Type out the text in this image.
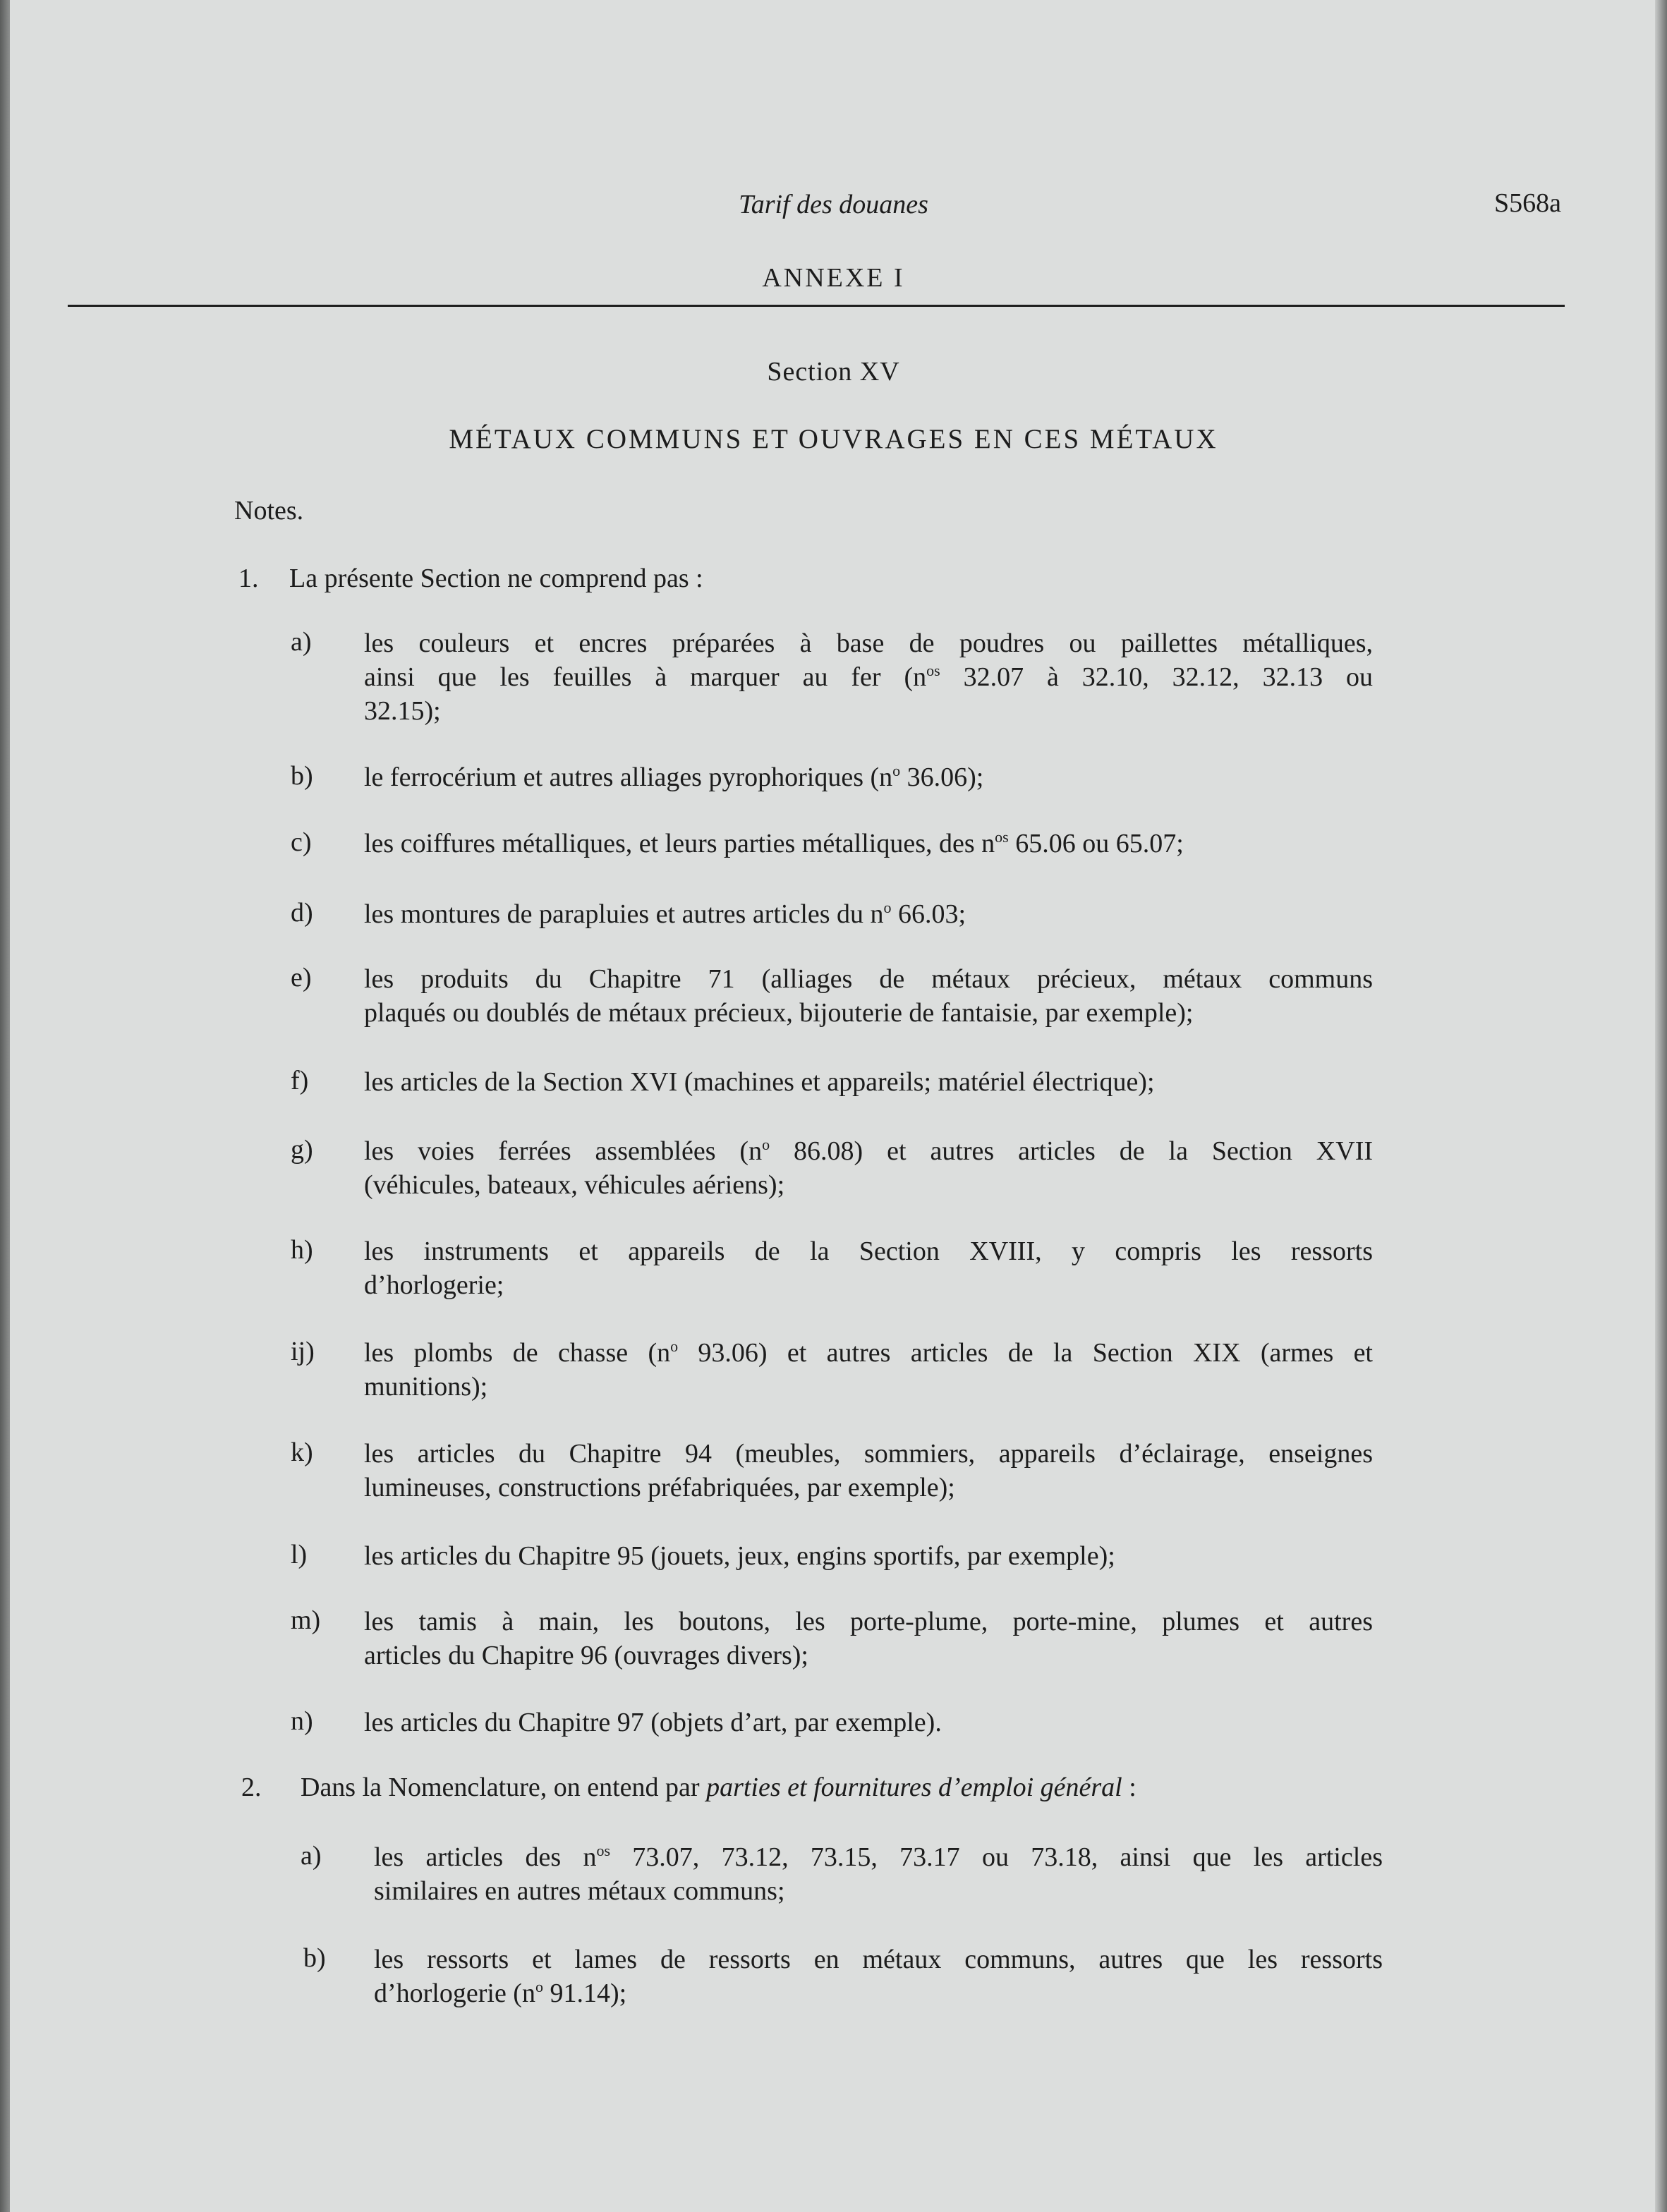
Tarif des douanes	S568a
ANNEXE I
Section XV
MÉTAUX COMMUNS ET OUVRAGES EN CES MÉTAUX
Notes.
1. La présente Section ne comprend pas :
2. Dans la Nomenclature, on entend par parties et fournitures d’emploi général :
a) les couleurs et encres préparées à base de poudres ou paillettes métalliques,
ainsi que les feuilles à marquer au fer ($n^{os}$ 32.07 à 32.10, 32.12, 32.13 ou
32.15);
b) le ferrocérium et autres alliages pyrophoriques ($n^o$ 36.06);
c) les coiffures métalliques, et leurs parties métalliques, des $n^{os}$ 65.06 ou 65.07;
d) les montures de parapluies et autres articles du $n^o$ 66.03;
e) les produits du Chapitre 71 (alliages de métaux précieux, métaux communs
plaqués ou doublés de métaux précieux, bijouterie de fantaisie, par exemple);
f) les articles de la Section XVI (machines et appareils; matériel électrique);
g) les voies ferrées assemblées ($n^o$ 86.08) et autres articles de la Section XVII
(véhicules, bateaux, véhicules aériens);
h) les instruments et appareils de la Section XVIII, y compris les ressorts
d’horlogerie;
ij) les plombs de chasse ($n^o$ 93.06) et autres articles de la Section XIX (armes et
munitions);
k) les articles du Chapitre 94 (meubles, sommiers, appareils d’éclairage, enseignes
lumineuses, constructions préfabriquées, par exemple);
l) les articles du Chapitre 95 (jouets, jeux, engins sportifs, par exemple);
m) les tamis à main, les boutons, les porte-plume, porte-mine, plumes et autres
articles du Chapitre 96 (ouvrages divers);
n) les articles du Chapitre 97 (objets d’art, par exemple).
a) les articles des $n^{os}$ 73.07, 73.12, 73.15, 73.17 ou 73.18, ainsi que les articles
similaires en autres métaux communs;
b) les ressorts et lames de ressorts en métaux communs, autres que les ressorts
d’horlogerie ($n^o$ 91.14);
